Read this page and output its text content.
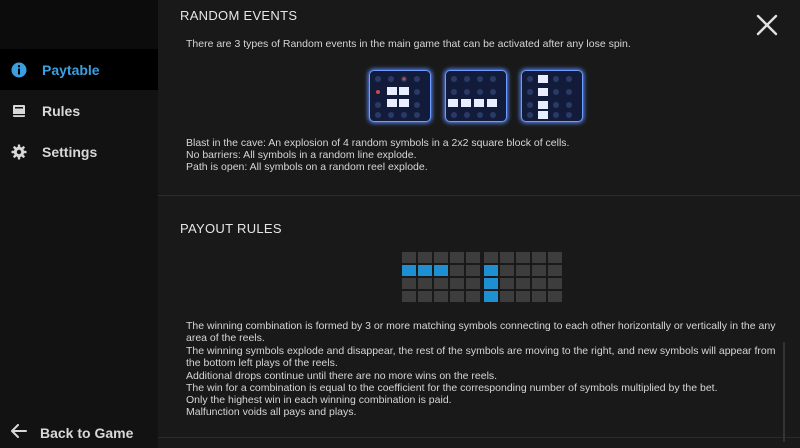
Paytable
Rules
Settings
Back to Game
RANDOM EVENTS

There are 3 types of Random events in the main game that can be activated after any lose spin.

Blast in the cave: An explosion of 4 random symbols in a 2x2 square block of cells.

No barriers: All symbols in a random line explode.

Path is open: All symbols on a random reel explode.

PAYOUT RULES

The winning combination is formed by 3 or more matching symbols connecting to each other horizontally or vertically in the any area of the reels.

The winning symbols explode and disappear, the rest of the symbols are moving to the right, and new symbols will appear from the bottom left plays of the reels.

Additional drops continue until there are no more wins on the reels.

The win for a combination is equal to the coefficient for the corresponding number of symbols multiplied by the bet.

Only the highest win in each winning combination is paid.

Malfunction voids all pays and plays.
